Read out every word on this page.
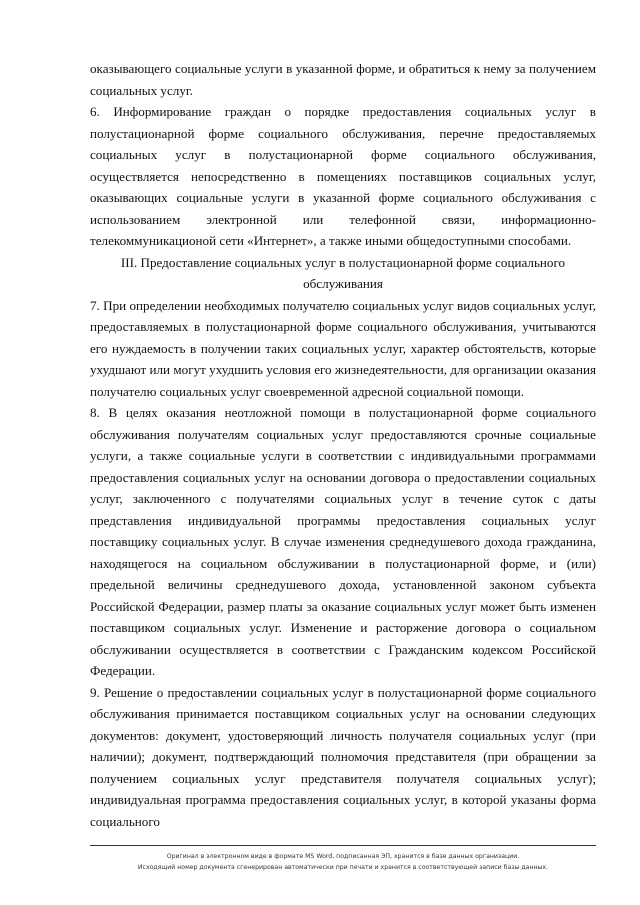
оказывающего социальные услуги в указанной форме, и обратиться к нему за получением социальных услуг.

6. Информирование граждан о порядке предоставления социальных услуг в полустационарной форме социального обслуживания, перечне предоставляемых социальных услуг в полустационарной форме социального обслуживания, осуществляется непосредственно в помещениях поставщиков социальных услуг, оказывающих социальные услуги в указанной форме социального обслуживания с использованием электронной или телефонной связи, информационно- телекоммуникационой сети «Интернет», а также иными общедоступными способами.

III. Предоставление социальных услуг в полустационарной форме социального обслуживания

7. При определении необходимых получателю социальных услуг видов социальных услуг, предоставляемых в полустационарной форме социального обслуживания, учитываются его нуждаемость в получении таких социальных услуг, характер обстоятельств, которые ухудшают или могут ухудшить условия его жизнедеятельности, для организации оказания получателю социальных услуг своевременной адресной социальной помощи.

8. В целях оказания неотложной помощи в полустационарной форме социального обслуживания получателям социальных услуг предоставляются срочные социальные услуги, а также социальные услуги в соответствии с индивидуальными программами предоставления социальных услуг на основании договора о предоставлении социальных услуг, заключенного с получателями социальных услуг в течение суток с даты представления индивидуальной программы предоставления социальных услуг поставщику социальных услуг. В случае изменения среднедушевого дохода гражданина, находящегося на социальном обслуживании в полустационарной форме, и (или) предельной величины среднедушевого дохода, установленной законом субъекта Российской Федерации, размер платы за оказание социальных услуг может быть изменен поставщиком социальных услуг. Изменение и расторжение договора о социальном обслуживании осуществляется в соответствии с Гражданским кодексом Российской Федерации.

9. Решение о предоставлении социальных услуг в полустационарной форме социального обслуживания принимается поставщиком социальных услуг на основании следующих документов: документ, удостоверяющий личность получателя социальных услуг (при наличии); документ, подтверждающий полномочия представителя (при обращении за получением социальных услуг представителя получателя социальных услуг); индивидуальная программа предоставления социальных услуг, в которой указаны форма социального

Оригинал в электронном виде в формате MS Word, подписанная ЭП, хранится в базе данных организации.
Исходящий номер документа сгенерирован автоматически при печати и хранится в соответствующей записи базы данных.
